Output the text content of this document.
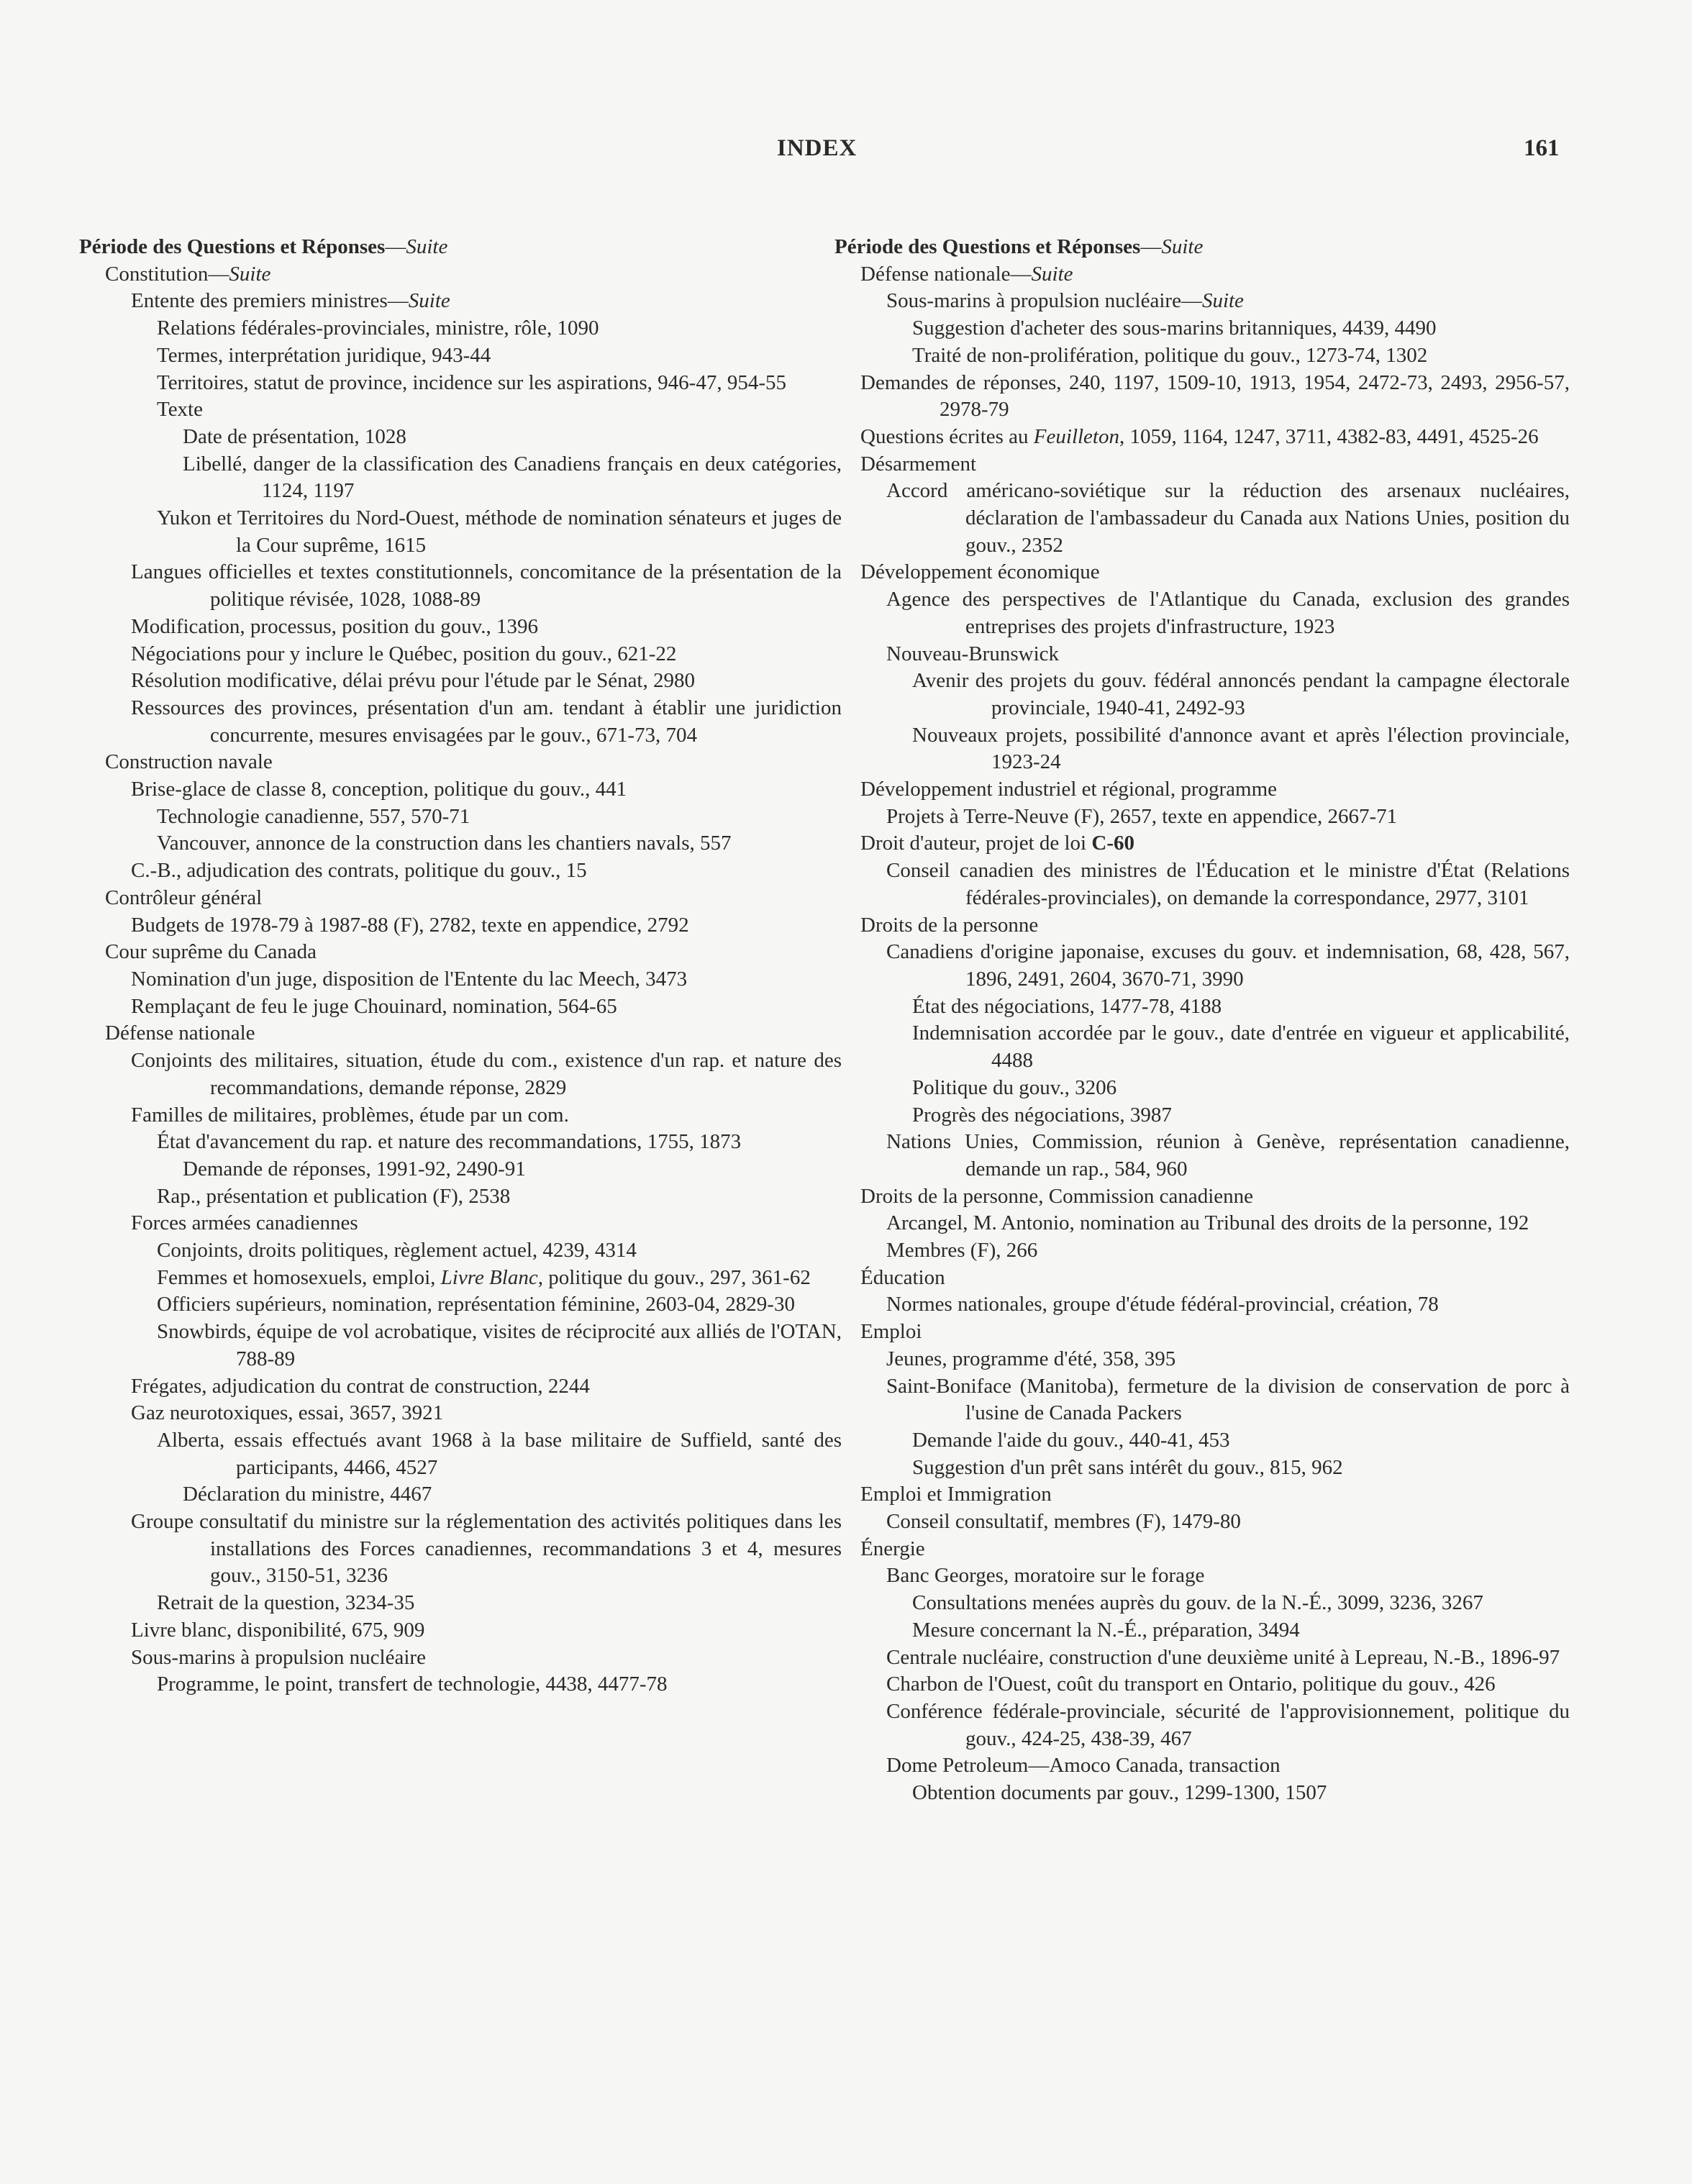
INDEX	161
Période des Questions et Réponses—Suite
Constitution—Suite
Entente des premiers ministres—Suite
Relations fédérales-provinciales, ministre, rôle, 1090
Termes, interprétation juridique, 943-44
Territoires, statut de province, incidence sur les aspirations, 946-47, 954-55
Texte
Date de présentation, 1028
Libellé, danger de la classification des Canadiens français en deux catégories, 1124, 1197
Yukon et Territoires du Nord-Ouest, méthode de nomination sénateurs et juges de la Cour suprême, 1615
Langues officielles et textes constitutionnels, concomitance de la présentation de la politique révisée, 1028, 1088-89
Modification, processus, position du gouv., 1396
Négociations pour y inclure le Québec, position du gouv., 621-22
Résolution modificative, délai prévu pour l'étude par le Sénat, 2980
Ressources des provinces, présentation d'un am. tendant à établir une juridiction concurrente, mesures envisagées par le gouv., 671-73, 704
Construction navale
Brise-glace de classe 8, conception, politique du gouv., 441
Technologie canadienne, 557, 570-71
Vancouver, annonce de la construction dans les chantiers navals, 557
C.-B., adjudication des contrats, politique du gouv., 15
Contrôleur général
Budgets de 1978-79 à 1987-88 (F), 2782, texte en appendice, 2792
Cour suprême du Canada
Nomination d'un juge, disposition de l'Entente du lac Meech, 3473
Remplaçant de feu le juge Chouinard, nomination, 564-65
Défense nationale
Conjoints des militaires, situation, étude du com., existence d'un rap. et nature des recommandations, demande réponse, 2829
Familles de militaires, problèmes, étude par un com.
État d'avancement du rap. et nature des recommandations, 1755, 1873
Demande de réponses, 1991-92, 2490-91
Rap., présentation et publication (F), 2538
Forces armées canadiennes
Conjoints, droits politiques, règlement actuel, 4239, 4314
Femmes et homosexuels, emploi, Livre Blanc, politique du gouv., 297, 361-62
Officiers supérieurs, nomination, représentation féminine, 2603-04, 2829-30
Snowbirds, équipe de vol acrobatique, visites de réciprocité aux alliés de l'OTAN, 788-89
Frégates, adjudication du contrat de construction, 2244
Gaz neurotoxiques, essai, 3657, 3921
Alberta, essais effectués avant 1968 à la base militaire de Suffield, santé des participants, 4466, 4527
Déclaration du ministre, 4467
Groupe consultatif du ministre sur la réglementation des activités politiques dans les installations des Forces canadiennes, recommandations 3 et 4, mesures gouv., 3150-51, 3236
Retrait de la question, 3234-35
Livre blanc, disponibilité, 675, 909
Sous-marins à propulsion nucléaire
Programme, le point, transfert de technologie, 4438, 4477-78
Période des Questions et Réponses—Suite
Défense nationale—Suite
Sous-marins à propulsion nucléaire—Suite
Suggestion d'acheter des sous-marins britanniques, 4439, 4490
Traité de non-prolifération, politique du gouv., 1273-74, 1302
Demandes de réponses, 240, 1197, 1509-10, 1913, 1954, 2472-73, 2493, 2956-57, 2978-79
Questions écrites au Feuilleton, 1059, 1164, 1247, 3711, 4382-83, 4491, 4525-26
Désarmement
Accord américano-soviétique sur la réduction des arsenaux nucléaires, déclaration de l'ambassadeur du Canada aux Nations Unies, position du gouv., 2352
Développement économique
Agence des perspectives de l'Atlantique du Canada, exclusion des grandes entreprises des projets d'infrastructure, 1923
Nouveau-Brunswick
Avenir des projets du gouv. fédéral annoncés pendant la campagne électorale provinciale, 1940-41, 2492-93
Nouveaux projets, possibilité d'annonce avant et après l'élection provinciale, 1923-24
Développement industriel et régional, programme
Projets à Terre-Neuve (F), 2657, texte en appendice, 2667-71
Droit d'auteur, projet de loi C-60
Conseil canadien des ministres de l'Éducation et le ministre d'État (Relations fédérales-provinciales), on demande la correspondance, 2977, 3101
Droits de la personne
Canadiens d'origine japonaise, excuses du gouv. et indemnisation, 68, 428, 567, 1896, 2491, 2604, 3670-71, 3990
État des négociations, 1477-78, 4188
Indemnisation accordée par le gouv., date d'entrée en vigueur et applicabilité, 4488
Politique du gouv., 3206
Progrès des négociations, 3987
Nations Unies, Commission, réunion à Genève, représentation canadienne, demande un rap., 584, 960
Droits de la personne, Commission canadienne
Arcangel, M. Antonio, nomination au Tribunal des droits de la personne, 192
Membres (F), 266
Éducation
Normes nationales, groupe d'étude fédéral-provincial, création, 78
Emploi
Jeunes, programme d'été, 358, 395
Saint-Boniface (Manitoba), fermeture de la division de conservation de porc à l'usine de Canada Packers
Demande l'aide du gouv., 440-41, 453
Suggestion d'un prêt sans intérêt du gouv., 815, 962
Emploi et Immigration
Conseil consultatif, membres (F), 1479-80
Énergie
Banc Georges, moratoire sur le forage
Consultations menées auprès du gouv. de la N.-É., 3099, 3236, 3267
Mesure concernant la N.-É., préparation, 3494
Centrale nucléaire, construction d'une deuxième unité à Lepreau, N.-B., 1896-97
Charbon de l'Ouest, coût du transport en Ontario, politique du gouv., 426
Conférence fédérale-provinciale, sécurité de l'approvisionnement, politique du gouv., 424-25, 438-39, 467
Dome Petroleum—Amoco Canada, transaction
Obtention documents par gouv., 1299-1300, 1507
